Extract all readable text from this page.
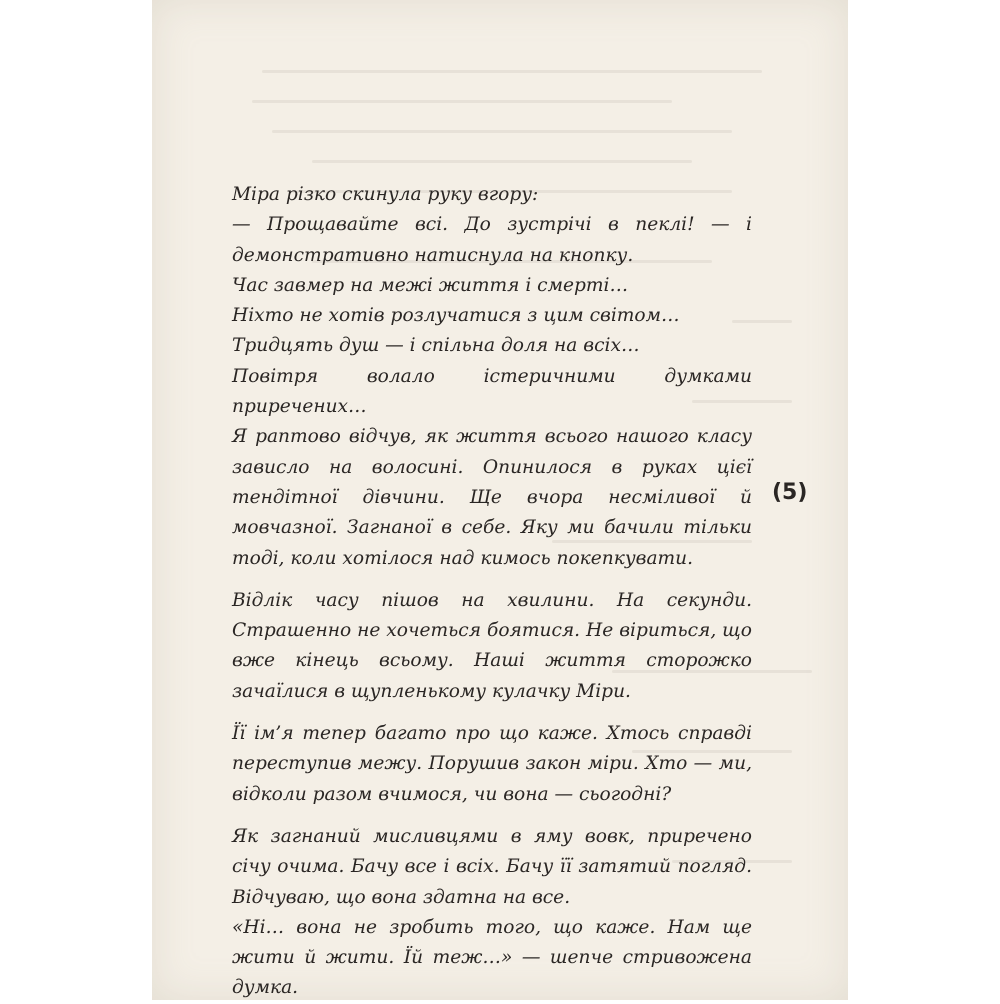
Міра різко скинула руку вгору:

— Прощавайте всі. До зустрічі в пеклі! — і демонстративно натиснула на кнопку.

Час завмер на межі життя і смерті…

Ніхто не хотів розлучатися з цим світом…

Тридцять душ — і спільна доля на всіх…

Повітря волало істеричними думками приречених…

Я раптово відчув, як життя всього нашого класу зависло на волосині. Опинилося в руках цієї тендітної дівчини. Ще вчора несміливої й мовчазної. Загнаної в себе. Яку ми бачили тільки тоді, коли хотілося над кимось покепкувати.

Відлік часу пішов на хвилини. На секунди. Страшенно не хочеться боятися. Не віриться, що вже кінець всьому. Наші життя сторожко зачаїлися в щупленькому кулачку Міри.

Її ім’я тепер багато про що каже. Хтось справді переступив межу. Порушив закон міри. Хто — ми, відколи разом вчимося, чи вона — сьогодні?

Як загнаний мисливцями в яму вовк, приречено січу очима. Бачу все і всіх. Бачу її затятий погляд. Відчуваю, що вона здатна на все.

«Ні… вона не зробить того, що каже. Нам ще жити й жити. Їй теж…» — шепче стривожена думка.

(5)
